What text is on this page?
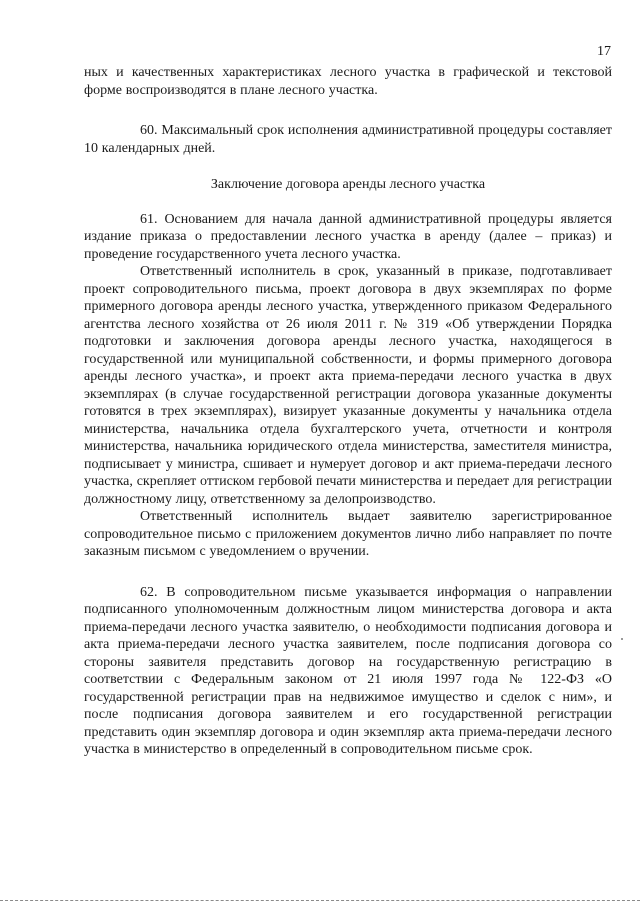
17

ных и качественных характеристиках лесного участка в графической и текстовой форме воспроизводятся в плане лесного участка.

60. Максимальный срок исполнения административной процедуры составляет 10 календарных дней.

Заключение договора аренды лесного участка

61. Основанием для начала данной административной процедуры является издание приказа о предоставлении лесного участка в аренду (далее – приказ) и проведение государственного учета лесного участка.

Ответственный исполнитель в срок, указанный в приказе, подготавливает проект сопроводительного письма, проект договора в двух экземплярах по форме примерного договора аренды лесного участка, утвержденного приказом Федерального агентства лесного хозяйства от 26 июля 2011 г. № 319 «Об утверждении Порядка подготовки и заключения договора аренды лесного участка, находящегося в государственной или муниципальной собственности, и формы примерного договора аренды лесного участка», и проект акта приема-передачи лесного участка в двух экземплярах (в случае государственной регистрации договора указанные документы готовятся в трех экземплярах), визирует указанные документы у начальника отдела министерства, начальника отдела бухгалтерского учета, отчетности и контроля министерства, начальника юридического отдела министерства, заместителя министра, подписывает у министра, сшивает и нумерует договор и акт приема-передачи лесного участка, скрепляет оттиском гербовой печати министерства и передает для регистрации должностному лицу, ответственному за делопроизводство.

Ответственный исполнитель выдает заявителю зарегистрированное сопроводительное письмо с приложением документов лично либо направляет по почте заказным письмом с уведомлением о вручении.

62. В сопроводительном письме указывается информация о направлении подписанного уполномоченным должностным лицом министерства договора и акта приема-передачи лесного участка заявителю, о необходимости подписания договора и акта приема-передачи лесного участка заявителем, после подписания договора со стороны заявителя представить договор на государственную регистрацию в соответствии с Федеральным законом от 21 июля 1997 года № 122-ФЗ «О государственной регистрации прав на недвижимое имущество и сделок с ним», и после подписания договора заявителем и его государственной регистрации представить один экземпляр договора и один экземпляр акта приема-передачи лесного участка в министерство в определенный в сопроводительном письме срок.
